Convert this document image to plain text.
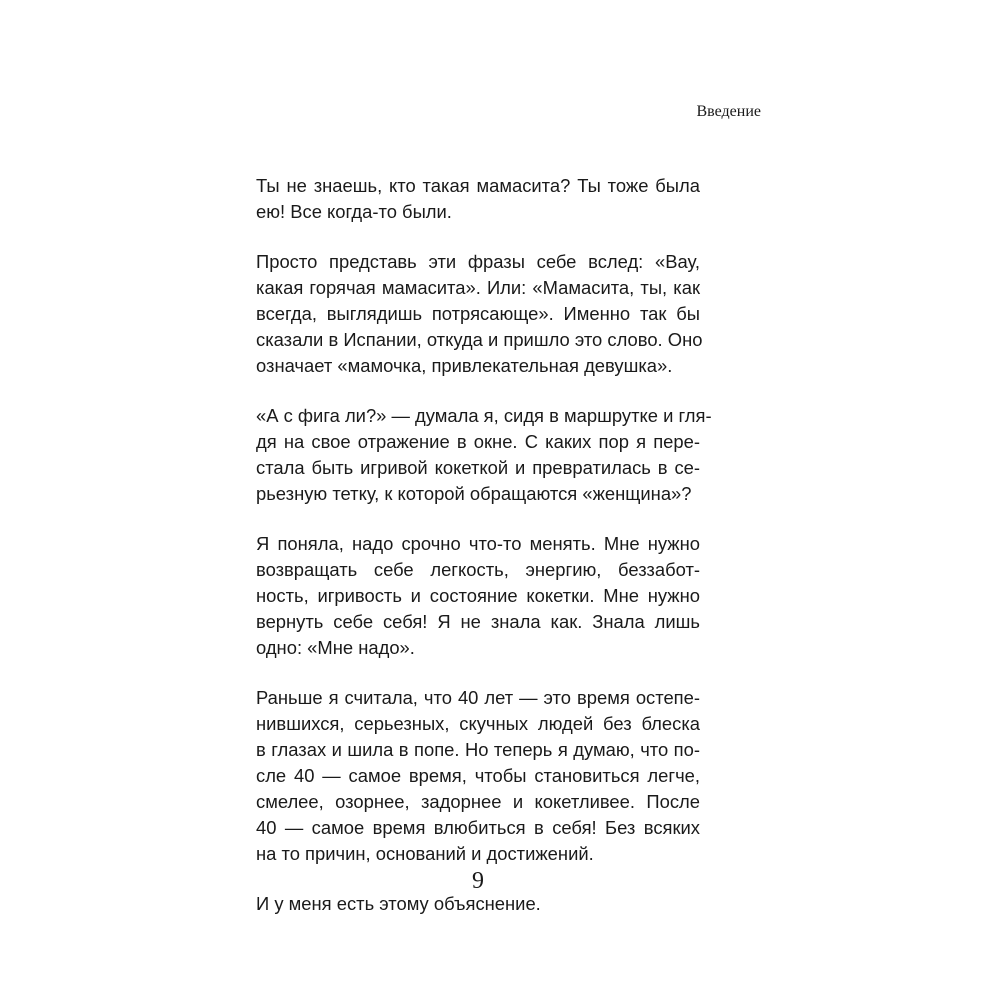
Введение

Ты не знаешь, кто такая мамасита? Ты тоже была
ею! Все когда-то были.

Просто представь эти фразы себе вслед: «Вау,
какая горячая мамасита». Или: «Мамасита, ты, как
всегда, выглядишь потрясающе». Именно так бы
сказали в Испании, откуда и пришло это слово. Оно
означает «мамочка, привлекательная девушка».

«А с фига ли?» — думала я, сидя в маршрутке и гля-
дя на свое отражение в окне. С каких пор я пере-
стала быть игривой кокеткой и превратилась в се-
рьезную тетку, к которой обращаются «женщина»?

Я поняла, надо срочно что-то менять. Мне нужно
возвращать себе легкость, энергию, беззабот-
ность, игривость и состояние кокетки. Мне нужно
вернуть себе себя! Я не знала как. Знала лишь
одно: «Мне надо».

Раньше я считала, что 40 лет — это время остепе-
нившихся, серьезных, скучных людей без блеска
в глазах и шила в попе. Но теперь я думаю, что по-
сле 40 — самое время, чтобы становиться легче,
смелее, озорнее, задорнее и кокетливее. После
40 — самое время влюбиться в себя! Без всяких
на то причин, оснований и достижений.

И у меня есть этому объяснение.

9
